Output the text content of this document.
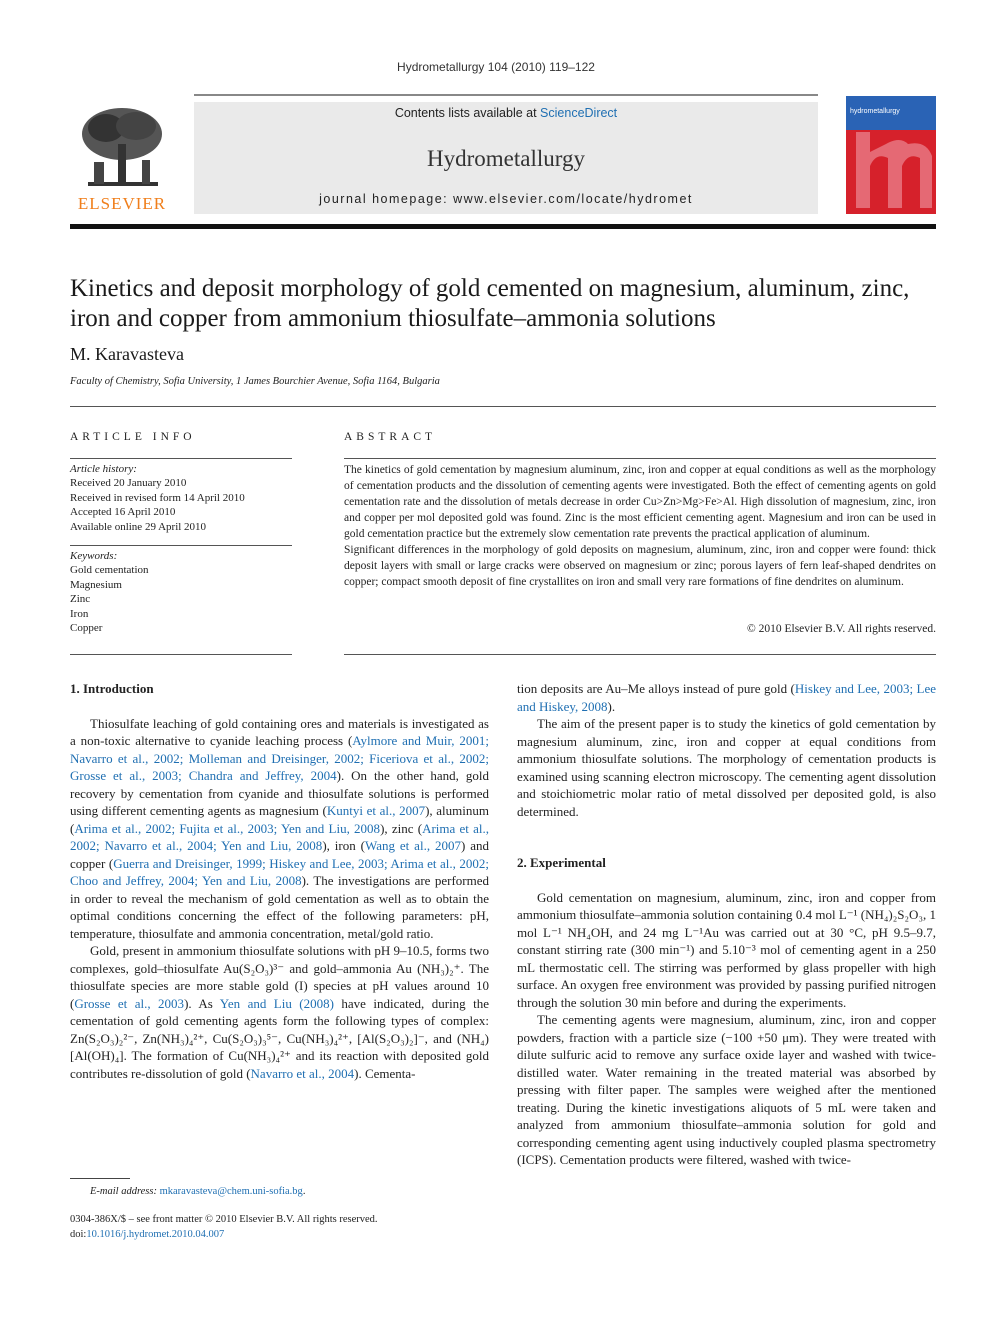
Hydrometallurgy 104 (2010) 119–122
ELSEVIER
Contents lists available at ScienceDirect
Hydrometallurgy
journal homepage: www.elsevier.com/locate/hydromet
hydrometallurgy
Kinetics and deposit morphology of gold cemented on magnesium, aluminum, zinc, iron and copper from ammonium thiosulfate–ammonia solutions
M. Karavasteva
Faculty of Chemistry, Sofia University, 1 James Bourchier Avenue, Sofia 1164, Bulgaria
ARTICLE INFO	ABSTRACT
Article history:
Received 20 January 2010
Received in revised form 14 April 2010
Accepted 16 April 2010
Available online 29 April 2010
Keywords:
Gold cementation
Magnesium
Zinc
Iron
Copper

The kinetics of gold cementation by magnesium aluminum, zinc, iron and copper at equal conditions as well as the morphology of cementation products and the dissolution of cementing agents were investigated. Both the effect of cementing agents on gold cementation rate and the dissolution of metals decrease in order Cu>Zn>Mg>Fe>Al. High dissolution of magnesium, zinc, iron and copper per mol deposited gold was found. Zinc is the most efficient cementing agent. Magnesium and iron can be used in gold cementation practice but the extremely slow cementation rate prevents the practical application of aluminum.

Significant differences in the morphology of gold deposits on magnesium, aluminum, zinc, iron and copper were found: thick deposit layers with small or large cracks were observed on magnesium or zinc; porous layers of fern leaf-shaped dendrites on copper; compact smooth deposit of fine crystallites on iron and small very rare formations of fine dendrites on aluminum.

© 2010 Elsevier B.V. All rights reserved.
1. Introduction

Thiosulfate leaching of gold containing ores and materials is investigated as a non-toxic alternative to cyanide leaching process (Aylmore and Muir, 2001; Navarro et al., 2002; Molleman and Dreisinger, 2002; Ficeriova et al., 2002; Grosse et al., 2003; Chandra and Jeffrey, 2004). On the other hand, gold recovery by cementation from cyanide and thiosulfate solutions is performed using different cementing agents as magnesium (Kuntyi et al., 2007), aluminum (Arima et al., 2002; Fujita et al., 2003; Yen and Liu, 2008), zinc (Arima et al., 2002; Navarro et al., 2004; Yen and Liu, 2008), iron (Wang et al., 2007) and copper (Guerra and Dreisinger, 1999; Hiskey and Lee, 2003; Arima et al., 2002; Choo and Jeffrey, 2004; Yen and Liu, 2008). The investigations are performed in order to reveal the mechanism of gold cementation as well as to obtain the optimal conditions concerning the effect of the following parameters: pH, temperature, thiosulfate and ammonia concentration, metal/gold ratio.

Gold, present in ammonium thiosulfate solutions with pH 9–10.5, forms two complexes, gold–thiosulfate Au(S₂O₃)³⁻ and gold–ammonia Au (NH₃)₂⁺. The thiosulfate species are more stable gold (I) species at pH values around 10 (Grosse et al., 2003). As Yen and Liu (2008) have indicated, during the cementation of gold cementing agents form the following types of complex: Zn(S₂O₃)₂²⁻, Zn(NH₃)₄²⁺, Cu(S₂O₃)₃⁵⁻, Cu(NH₃)₄²⁺, [Al(S₂O₃)₂]⁻, and (NH₄) [Al(OH)₄]. The formation of Cu(NH₃)₄²⁺ and its reaction with deposited gold contributes re-dissolution of gold (Navarro et al., 2004). Cementa-

tion deposits are Au–Me alloys instead of pure gold (Hiskey and Lee, 2003; Lee and Hiskey, 2008).

The aim of the present paper is to study the kinetics of gold cementation by magnesium aluminum, zinc, iron and copper at equal conditions from ammonium thiosulfate solutions. The morphology of cementation products is examined using scanning electron microscopy. The cementing agent dissolution and stoichiometric molar ratio of metal dissolved per deposited gold, is also determined.

2. Experimental

Gold cementation on magnesium, aluminum, zinc, iron and copper from ammonium thiosulfate–ammonia solution containing 0.4 mol L⁻¹ (NH₄)₂S₂O₃, 1 mol L⁻¹ NH₄OH, and 24 mg L⁻¹Au was carried out at 30 °C, pH 9.5–9.7, constant stirring rate (300 min⁻¹) and 5.10⁻³ mol of cementing agent in a 250 mL thermostatic cell. The stirring was performed by glass propeller with high surface. An oxygen free environment was provided by passing purified nitrogen through the solution 30 min before and during the experiments.

The cementing agents were magnesium, aluminum, zinc, iron and copper powders, fraction with a particle size (−100 +50 μm). They were treated with dilute sulfuric acid to remove any surface oxide layer and washed with twice-distilled water. Water remaining in the treated material was absorbed by pressing with filter paper. The samples were weighed after the mentioned treating. During the kinetic investigations aliquots of 5 mL were taken and analyzed from ammonium thiosulfate–ammonia solution for gold and corresponding cementing agent using inductively coupled plasma spectrometry (ICPS). Cementation products were filtered, washed with twice-

E-mail address: mkaravasteva@chem.uni-sofia.bg.
0304-386X/$ – see front matter © 2010 Elsevier B.V. All rights reserved.
doi:10.1016/j.hydromet.2010.04.007
